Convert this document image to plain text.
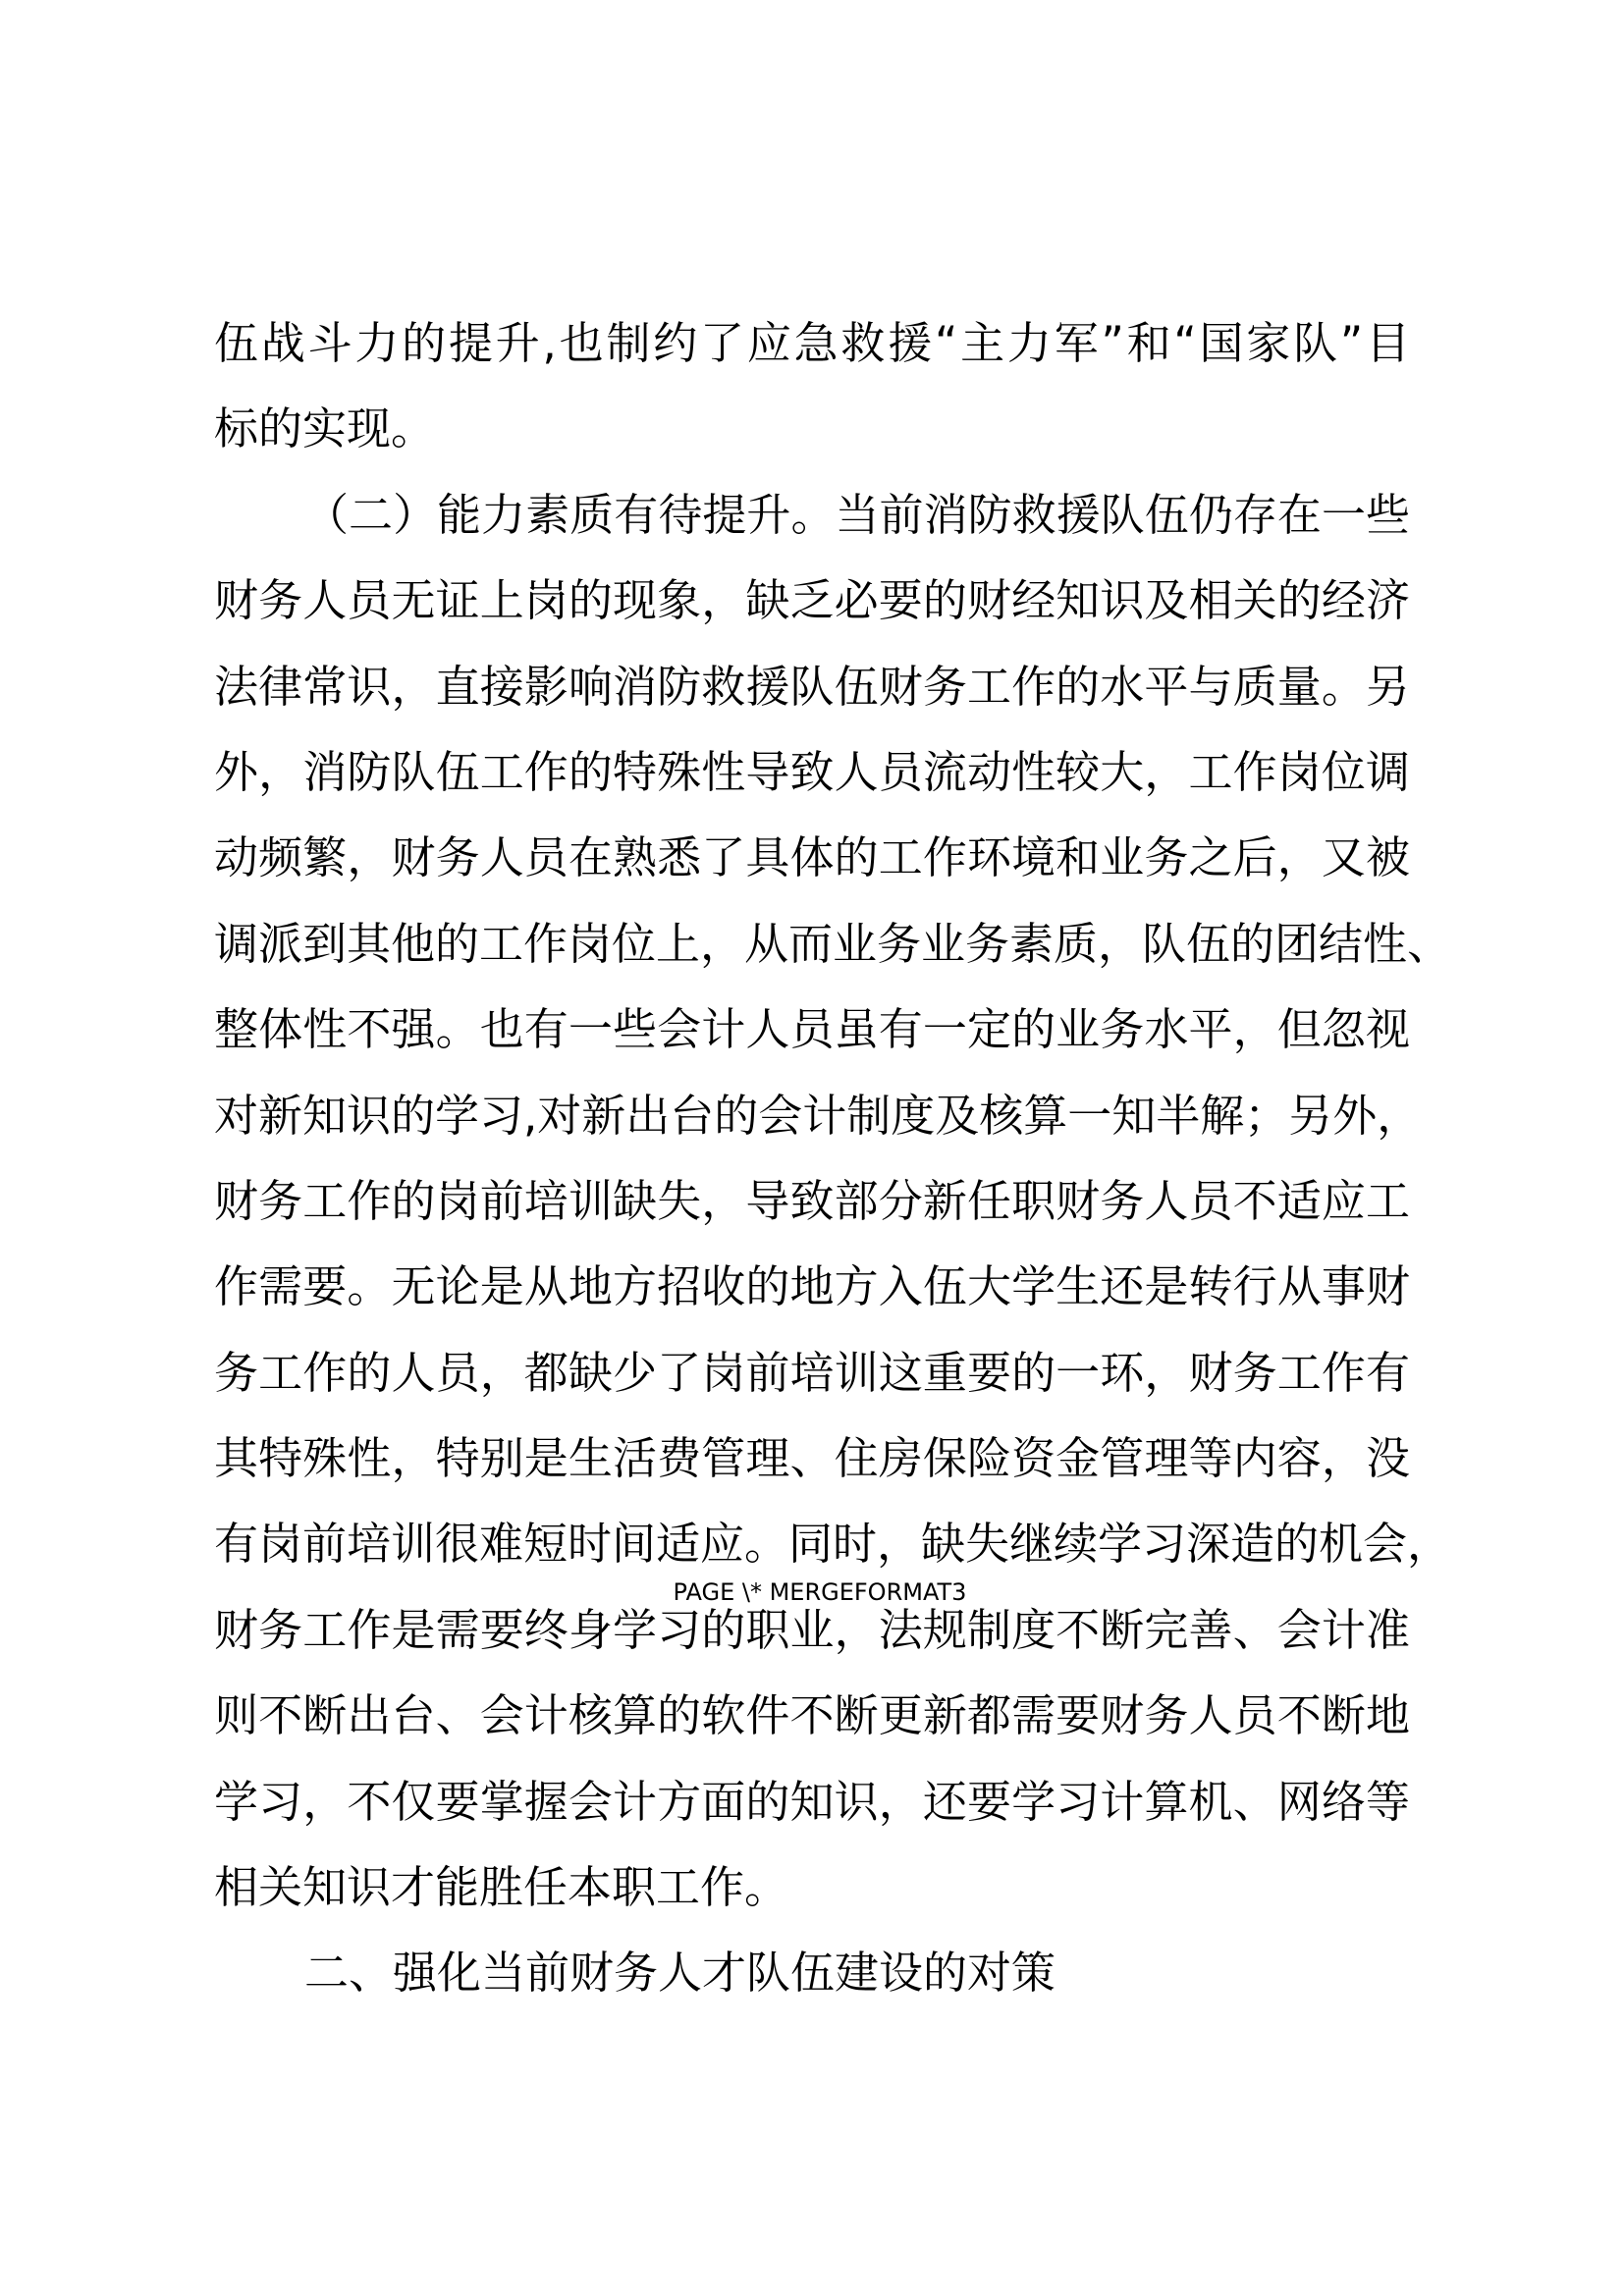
伍战斗力的提升,也制约了应急救援“主力军”和“国家队”目
标的实现。
（二）能力素质有待提升。当前消防救援队伍仍存在一些
财务人员无证上岗的现象，缺乏必要的财经知识及相关的经济
法律常识，直接影响消防救援队伍财务工作的水平与质量。另
外，消防队伍工作的特殊性导致人员流动性较大，工作岗位调
动频繁，财务人员在熟悉了具体的工作环境和业务之后，又被
调派到其他的工作岗位上，从而业务业务素质，队伍的团结性、
整体性不强。也有一些会计人员虽有一定的业务水平，但忽视
对新知识的学习,对新出台的会计制度及核算一知半解；另外，
财务工作的岗前培训缺失，导致部分新任职财务人员不适应工
作需要。无论是从地方招收的地方入伍大学生还是转行从事财
务工作的人员，都缺少了岗前培训这重要的一环，财务工作有
其特殊性，特别是生活费管理、住房保险资金管理等内容，没
有岗前培训很难短时间适应。同时，缺失继续学习深造的机会，
财务工作是需要终身学习的职业，法规制度不断完善、会计准
则不断出台、会计核算的软件不断更新都需要财务人员不断地
学习，不仅要掌握会计方面的知识，还要学习计算机、网络等
相关知识才能胜任本职工作。
二、强化当前财务人才队伍建设的对策
PAGE \* MERGEFORMAT3
